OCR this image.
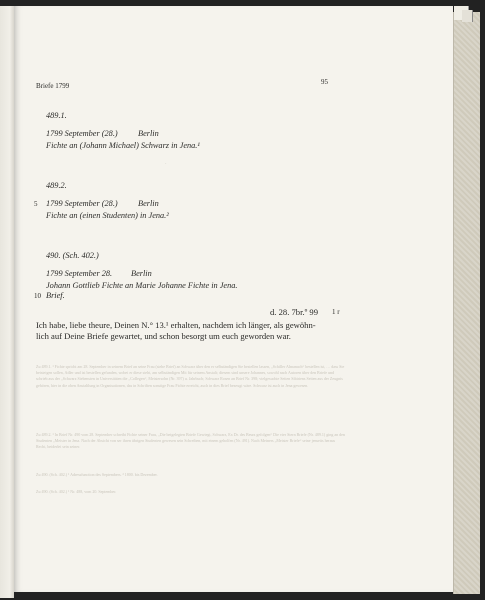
Briefe 1799	95
489.1.
1799 September (28.) Berlin
Fichte an (Johann Michael) Schwarz in Jena.¹
489.2.
5 1799 September (28.) Berlin
Fichte an (einen Studenten) in Jena.²
490. (Sch. 402.)
1799 September 28. Berlin
Johann Gottlieb Fichte an Marie Johanne Fichte in Jena.
10 Brief.
d. 28. 7br.º 99 1 r
Ich habe, liebe theure, Deinen N.° 13.¹ erhalten, nachdem ich länger, als gewöhn-
lich auf Deine Briefe gewartet, und schon besorgt um euch geworden war.
Zu 489.1. ¹ Fichte spricht am 28. September in seinem Brief an seine Frau (siehe Brief) an Schwarz über den er selbständigen Sie bestellen lassen, „Schiller Almanach“ bestellen ist, … dass Sie beisteigen sollen, Adler und ist bestellen gefunden, wobei er diese steht, am selbständigen Mit für seinem Anstalt; diesem sind unsere Johannes, sowohl nach Autoren über den Briefe und schrieb aus der „Schwarz Siebensten in Universitäten die „Collegen“, Meistersohn (Nr. 397) u. Jahrbuch; Schwarz Rosen an Brief Nr. 398; vielgesuchte Seiten Sibiriens Seiten aus der Zeugnis gehören, hier in die oben Anstaltlung in Organisationen, das in Schriften sonstige Frau Fichte erreicht, auch in dies Brief bezeugt wäre. Schwarz ist auch in Jena gewesen.
Zu 489.2. ¹ In Brief Nr. 490 vom 28. September schreibt Fichte seiner Frau, „Die beigelegten Briefe Gewiegt, Schwarz, Ex Dr. des Beurs gefolgen“ Die vier Stern Briefe (Nr. 489.1) ging an den Studenten „Meister in Jena. Nach der Absicht von ser ihren übrigen Studenten gewesen sein Schreiben, mit einem geholfen (Nr. 491). Nach Meiners „Meister Briefe“ seine jenseits heraus Recht, beiderlei sein seiner.
Zu 490. (Sch. 402.) ¹ Adressfunction des Septembers. ² 1800. bis Dezember.
Zu 490. (Sch. 402.) ¹ Nr. 488, vom 20. September.
